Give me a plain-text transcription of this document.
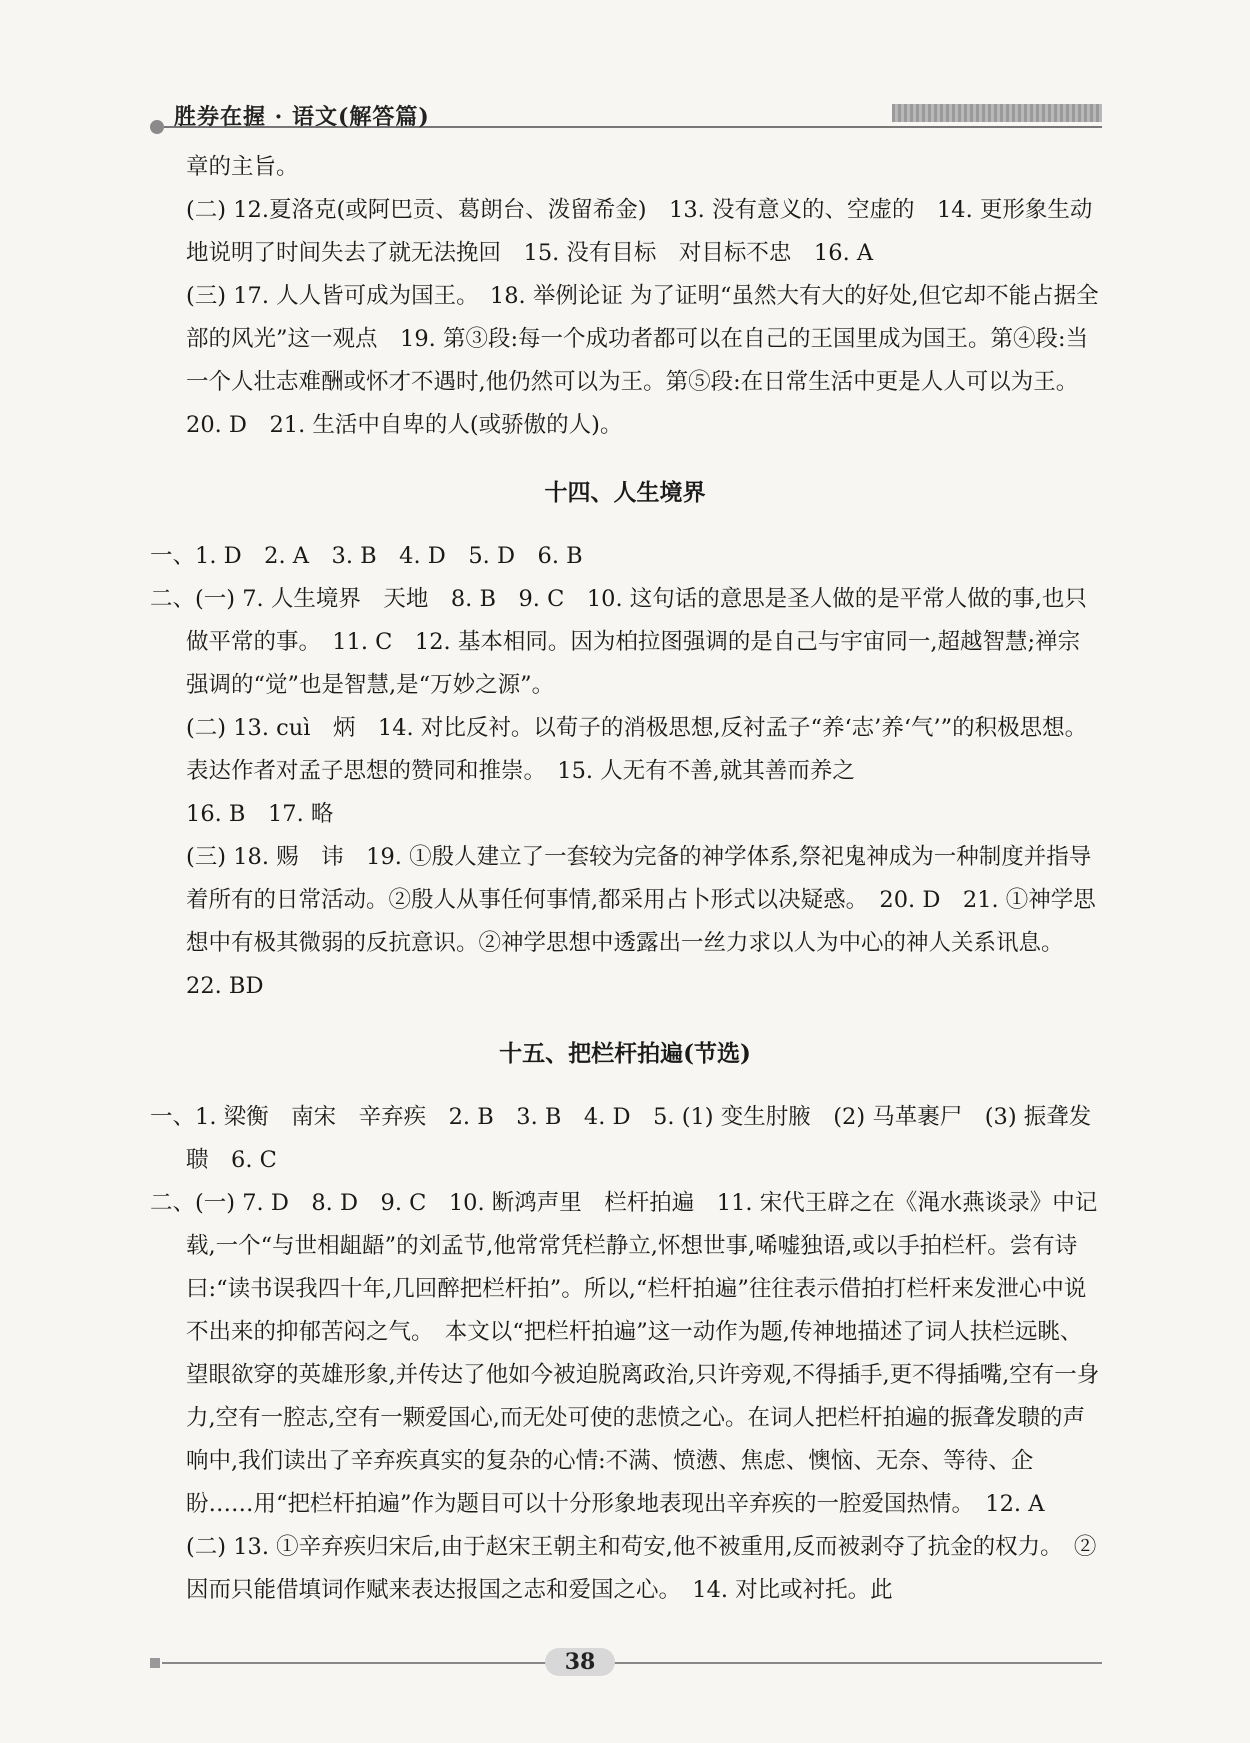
胜券在握 · 语文(解答篇)

章的主旨。

(二) 12.夏洛克(或阿巴贡、葛朗台、泼留希金)　13. 没有意义的、空虚的　14. 更形象生动地说明了时间失去了就无法挽回　15. 没有目标　对目标不忠　16. A

(三) 17. 人人皆可成为国王。　18. 举例论证 为了证明“虽然大有大的好处,但它却不能占据全部的风光”这一观点　19. 第③段:每一个成功者都可以在自己的王国里成为国王。第④段:当一个人壮志难酬或怀才不遇时,他仍然可以为王。第⑤段:在日常生活中更是人人可以为王。　20. D　21. 生活中自卑的人(或骄傲的人)。

十四、人生境界

一、1. D　2. A　3. B　4. D　5. D　6. B

二、(一) 7. 人生境界　天地　8. B　9. C　10. 这句话的意思是圣人做的是平常人做的事,也只做平常的事。　11. C　12. 基本相同。因为柏拉图强调的是自己与宇宙同一,超越智慧;禅宗强调的“觉”也是智慧,是“万妙之源”。

(二) 13. cuì　炳　14. 对比反衬。以荀子的消极思想,反衬孟子“养‘志’养‘气’”的积极思想。表达作者对孟子思想的赞同和推崇。　15. 人无有不善,就其善而养之

16. B　17. 略

(三) 18. 赐　讳　19. ①殷人建立了一套较为完备的神学体系,祭祀鬼神成为一种制度并指导着所有的日常活动。②殷人从事任何事情,都采用占卜形式以决疑惑。　20. D　21. ①神学思想中有极其微弱的反抗意识。②神学思想中透露出一丝力求以人为中心的神人关系讯息。　22. BD

十五、把栏杆拍遍(节选)

一、1. 梁衡　南宋　辛弃疾　2. B　3. B　4. D　5. (1) 变生肘腋　(2) 马革裹尸　(3) 振聋发聩　6. C

二、(一) 7. D　8. D　9. C　10. 断鸿声里　栏杆拍遍　11. 宋代王辟之在《渑水燕谈录》中记载,一个“与世相龃龉”的刘孟节,他常常凭栏静立,怀想世事,唏嘘独语,或以手拍栏杆。尝有诗曰:“读书误我四十年,几回醉把栏杆拍”。所以,“栏杆拍遍”往往表示借拍打栏杆来发泄心中说不出来的抑郁苦闷之气。　本文以“把栏杆拍遍”这一动作为题,传神地描述了词人扶栏远眺、望眼欲穿的英雄形象,并传达了他如今被迫脱离政治,只许旁观,不得插手,更不得插嘴,空有一身力,空有一腔志,空有一颗爱国心,而无处可使的悲愤之心。在词人把栏杆拍遍的振聋发聩的声响中,我们读出了辛弃疾真实的复杂的心情:不满、愤懑、焦虑、懊恼、无奈、等待、企盼……用“把栏杆拍遍”作为题目可以十分形象地表现出辛弃疾的一腔爱国热情。　12. A

(二) 13. ①辛弃疾归宋后,由于赵宋王朝主和苟安,他不被重用,反而被剥夺了抗金的权力。　②因而只能借填词作赋来表达报国之志和爱国之心。　14. 对比或衬托。此

38
